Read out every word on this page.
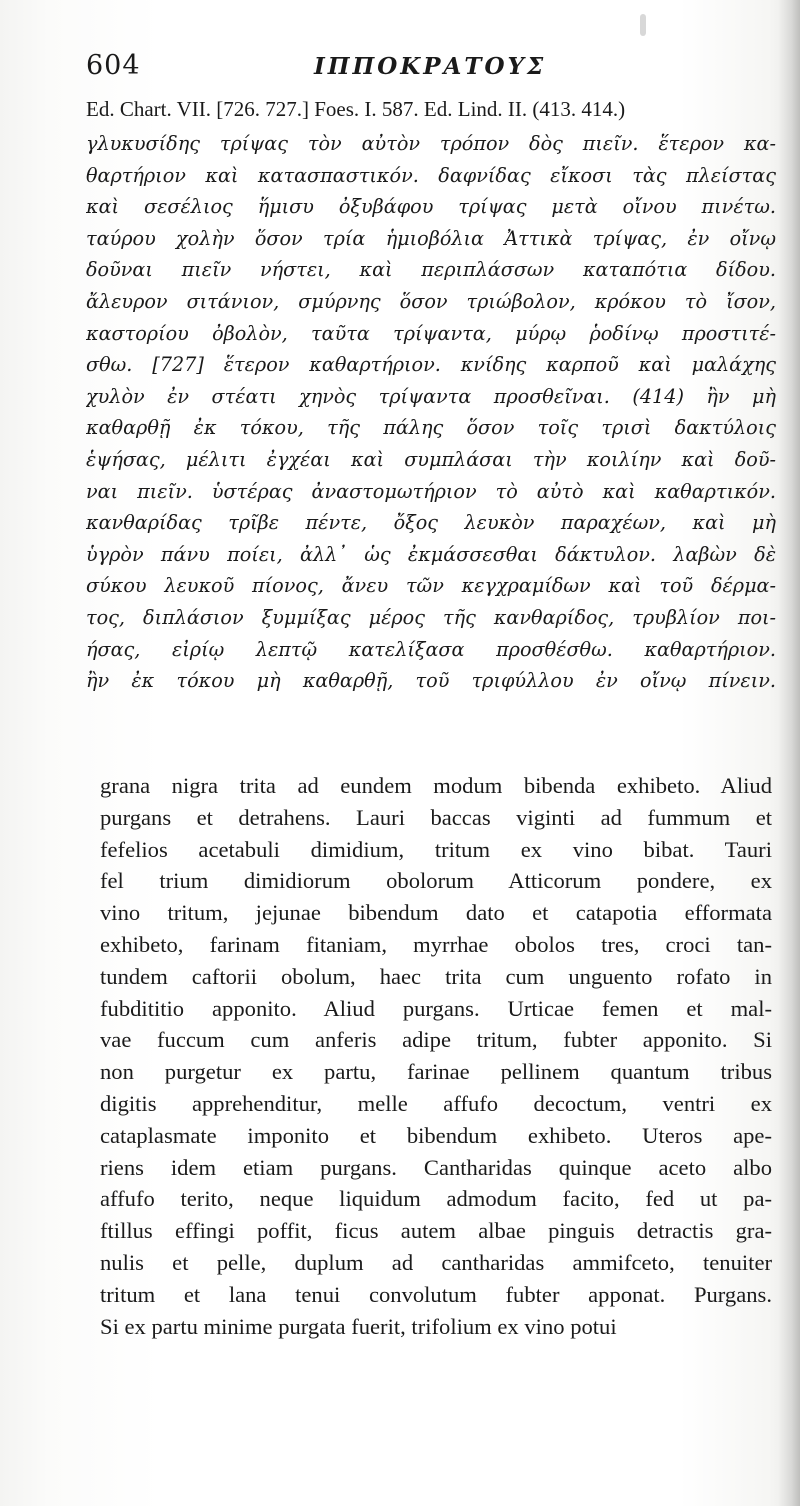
604	ΙΠΠΟΚΡΑΤΟΥΣ
Ed. Chart. VII. [726. 727.] Foes. I. 587. Ed. Lind. II. (413. 414.)
γλυκυσίδης τρίψας τὸν αὐτὸν τρόπον δὸς πιεῖν. ἕτερον κα-
θαρτήριον καὶ κατασπαστικόν. δαφνίδας εἴκοσι τὰς πλείστας
καὶ σεσέλιος ἥμισυ ὀξυβάφου τρίψας μετὰ οἴνου πινέτω.
ταύρου χολὴν ὅσον τρία ἡμιοβόλια Ἀττικὰ τρίψας, ἐν οἴνῳ
δοῦναι πιεῖν νήστει, καὶ περιπλάσσων καταπότια δίδου.
ἄλευρον σιτάνιον, σμύρνης ὅσον τριώβολον, κρόκου τὸ ἴσον,
καστορίου ὀβολὸν, ταῦτα τρίψαντα, μύρῳ ῥοδίνῳ προστιτέ-
σθω. [727] ἕτερον καθαρτήριον. κνίδης καρποῦ καὶ μαλάχης
χυλὸν ἐν στέατι χηνὸς τρίψαντα προσθεῖναι. (414) ἢν μὴ
καθαρθῇ ἐκ τόκου, τῆς πάλης ὅσον τοῖς τρισὶ δακτύλοις
ἑψήσας, μέλιτι ἐγχέαι καὶ συμπλάσαι τὴν κοιλίην καὶ δοῦ-
ναι πιεῖν. ὑστέρας ἀναστομωτήριον τὸ αὐτὸ καὶ καθαρτικόν.
κανθαρίδας τρῖβε πέντε, ὄξος λευκὸν παραχέων, καὶ μὴ
ὑγρὸν πάνυ ποίει, ἀλλ᾽ ὡς ἐκμάσσεσθαι δάκτυλον. λαβὼν δὲ
σύκου λευκοῦ πίονος, ἄνευ τῶν κεγχραμίδων καὶ τοῦ δέρμα-
τος, διπλάσιον ξυμμίξας μέρος τῆς κανθαρίδος, τρυβλίον ποι-
ήσας, εἰρίῳ λεπτῷ κατελίξασα προσθέσθω. καθαρτήριον.
ἢν ἐκ τόκου μὴ καθαρθῇ, τοῦ τριφύλλου ἐν οἴνῳ πίνειν.
grana nigra trita ad eundem modum bibenda exhibeto. Aliud
purgans et detrahens. Lauri baccas viginti ad fummum et
fefelios acetabuli dimidium, tritum ex vino bibat. Tauri
fel trium dimidiorum obolorum Atticorum pondere, ex
vino tritum, jejunae bibendum dato et catapotia efformata
exhibeto, farinam fitaniam, myrrhae obolos tres, croci tan-
tundem caftorii obolum, haec trita cum unguento rofato in
fubdititio apponito. Aliud purgans. Urticae femen et mal-
vae fuccum cum anferis adipe tritum, fubter apponito. Si
non purgetur ex partu, farinae pellinem quantum tribus
digitis apprehenditur, melle affufo decoctum, ventri ex
cataplasmate imponito et bibendum exhibeto. Uteros ape-
riens idem etiam purgans. Cantharidas quinque aceto albo
affufo terito, neque liquidum admodum facito, fed ut pa-
ftillus effingi poffit, ficus autem albae pinguis detractis gra-
nulis et pelle, duplum ad cantharidas ammifceto, tenuiter
tritum et lana tenui convolutum fubter apponat. Purgans.
Si ex partu minime purgata fuerit, trifolium ex vino potui
